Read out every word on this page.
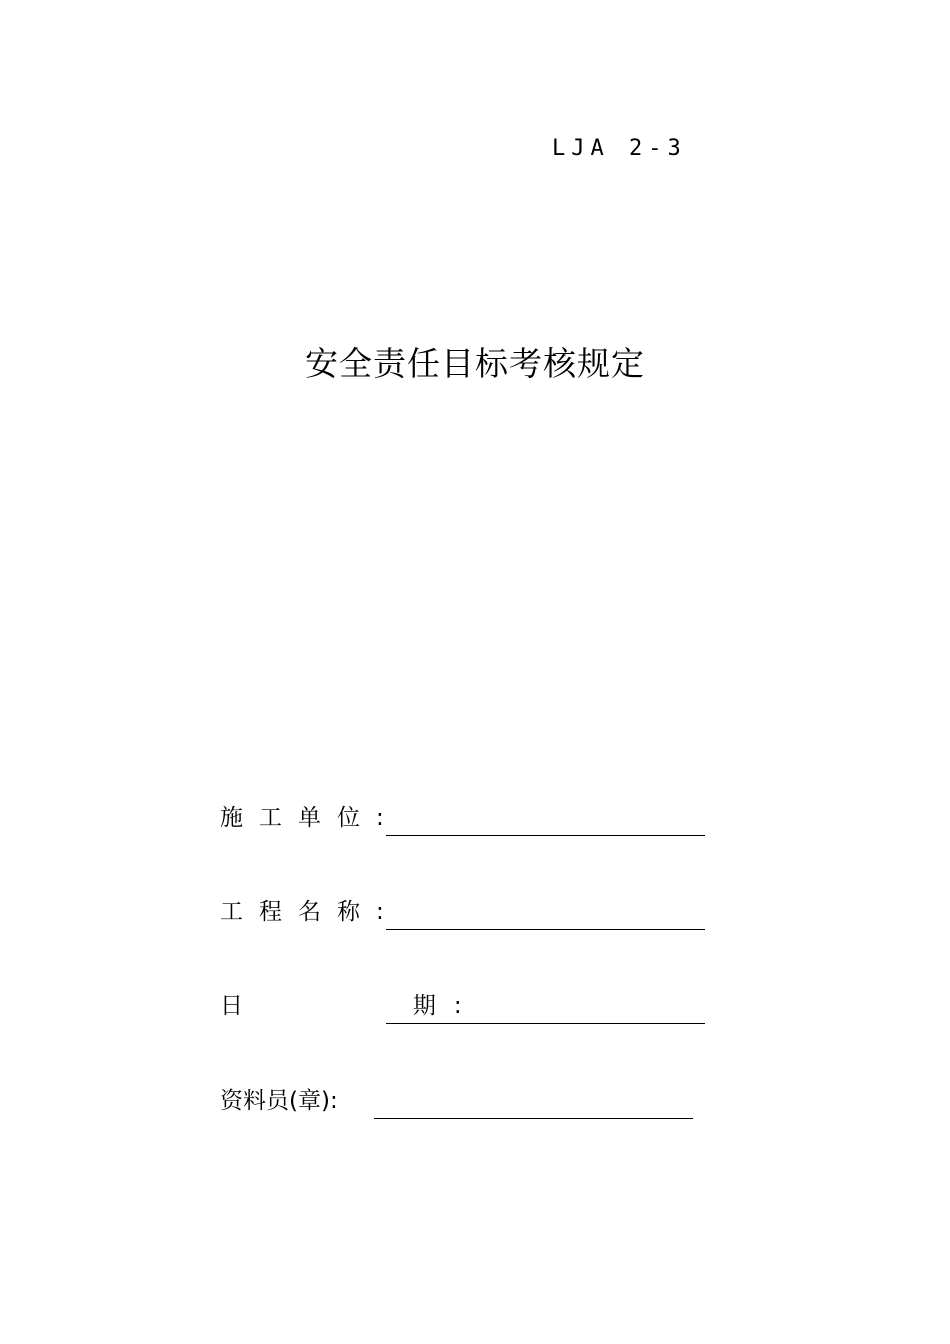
LJA 2-3
安全责任目标考核规定
施工单位:
工程名称:
日      期:
资料员(章):
